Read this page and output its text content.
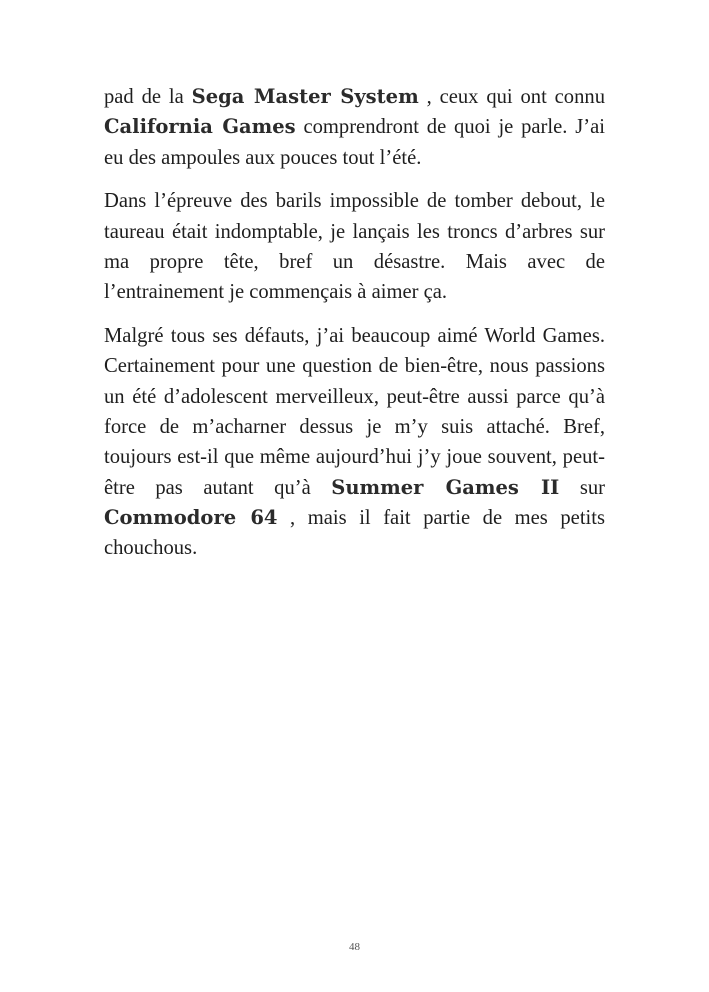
pad de la Sega Master System , ceux qui ont connu California Games comprendront de quoi je parle. J’ai eu des ampoules aux pouces tout l’été.

Dans l’épreuve des barils impossible de tomber debout, le taureau était indomptable, je lançais les troncs d’arbres sur ma propre tête, bref un désastre. Mais avec de l’entrainement je commençais à aimer ça.

Malgré tous ses défauts, j’ai beaucoup aimé World Games. Certainement pour une question de bien-être, nous passions un été d’adolescent merveilleux, peut-être aussi parce qu’à force de m’acharner dessus je m’y suis attaché. Bref, toujours est-il que même aujourd’hui j’y joue souvent, peut-être pas autant qu’à Summer Games II sur Commodore 64 , mais il fait partie de mes petits chouchous.

48
